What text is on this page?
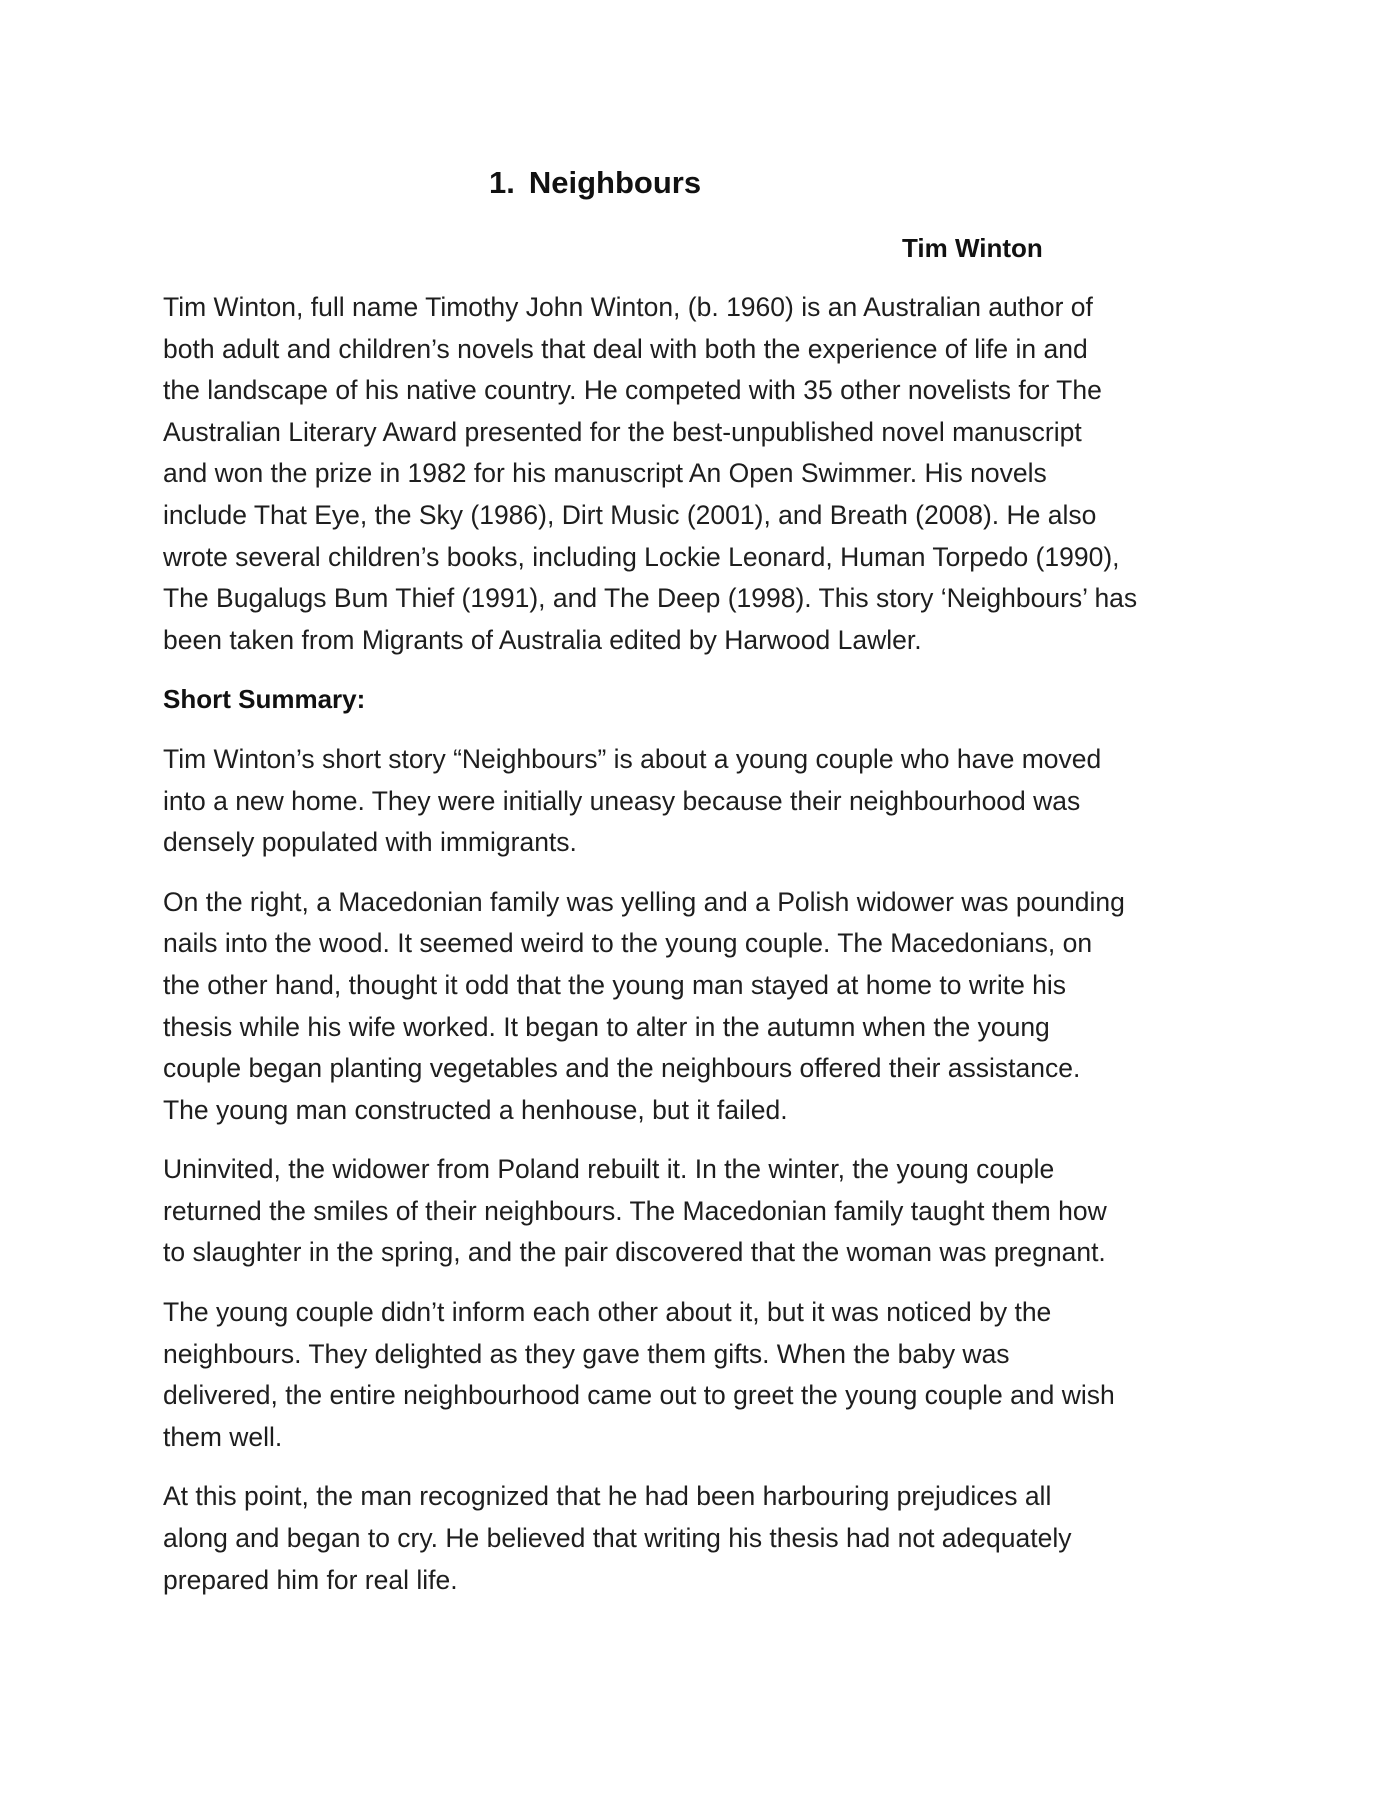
1. Neighbours
Tim Winton

Tim Winton, full name Timothy John Winton, (b. 1960) is an Australian author of
both adult and children’s novels that deal with both the experience of life in and
the landscape of his native country. He competed with 35 other novelists for The
Australian Literary Award presented for the best-unpublished novel manuscript
and won the prize in 1982 for his manuscript An Open Swimmer. His novels
include That Eye, the Sky (1986), Dirt Music (2001), and Breath (2008). He also
wrote several children’s books, including Lockie Leonard, Human Torpedo (1990),
The Bugalugs Bum Thief (1991), and The Deep (1998). This story ‘Neighbours’ has
been taken from Migrants of Australia edited by Harwood Lawler.

Short Summary:

Tim Winton’s short story “Neighbours” is about a young couple who have moved
into a new home. They were initially uneasy because their neighbourhood was
densely populated with immigrants.

On the right, a Macedonian family was yelling and a Polish widower was pounding
nails into the wood. It seemed weird to the young couple. The Macedonians, on
the other hand, thought it odd that the young man stayed at home to write his
thesis while his wife worked. It began to alter in the autumn when the young
couple began planting vegetables and the neighbours offered their assistance.
The young man constructed a henhouse, but it failed.

Uninvited, the widower from Poland rebuilt it. In the winter, the young couple
returned the smiles of their neighbours. The Macedonian family taught them how
to slaughter in the spring, and the pair discovered that the woman was pregnant.

The young couple didn’t inform each other about it, but it was noticed by the
neighbours. They delighted as they gave them gifts. When the baby was
delivered, the entire neighbourhood came out to greet the young couple and wish
them well.

At this point, the man recognized that he had been harbouring prejudices all
along and began to cry. He believed that writing his thesis had not adequately
prepared him for real life.
